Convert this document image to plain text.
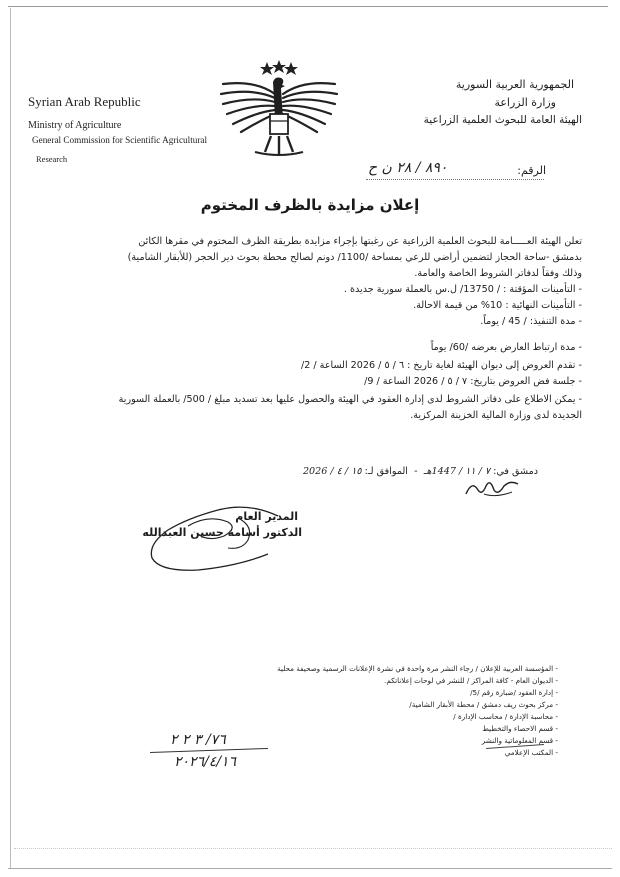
Syrian Arab Republic
Ministry of Agriculture
General Commission for Scientific Agricultural
Research
الجمهورية العربية السورية
وزارة الزراعة
الهيئة العامة للبحوث العلمية الزراعية
الرقم:
٨٩٠ / ٢٨ ن ح
إعلان مزايدة بالظرف المختوم
تعلن الهيئة العـــــامة للبحوث العلمية الزراعية عن رغبتها بإجراء مزايدة بطريقة الظرف المختوم في مقرها الكائن
بدمشق -ساحة الحجاز لتضمين أراضي للرعي بمساحة /1100/ دونم لصالح محطة بحوث دير الحجر (للأبقار الشامية)
وذلك وفقاً لدفاتر الشروط الخاصة والعامة.
- التأمينات المؤقتة : / 13750/ ل.س بالعملة سورية جديدة .
- التأمينات النهائية : 10% من قيمة الاحالة.
- مدة التنفيذ: / 45 / يوماً.
- مدة ارتباط العارض بعرضه /60/ يوماً
- تقدم العروض إلى ديوان الهيئة لغاية تاريخ : ٦ / ٥ / 2026 الساعة / 2/
- جلسة فض العروض بتاريخ: ٧ / ٥ / 2026 الساعة / 9/
- يمكن الاطلاع على دفاتر الشروط لدى إدارة العقود في الهيئة والحصول عليها بعد تسديد مبلغ / 500/ بالعملة السورية
الجديدة لدى وزارة المالية الخزينة المركزية.
دمشق في: ٧ / ١١ / 1447هـ  -  الموافق لـ: ١٥ / ٤ / 2026
المدير العام
الدكتور أسامة حسين العبدالله
- المؤسسة العربية للإعلان / رجاء النشر مرة واحدة في نشرة الإعلانات الرسمية وصحيفة محلية
- الديوان العام - كافة المراكز / للنشر في لوحات إعلاناتكم.
- إدارة العقود /ضبارة رقم /5/
- مركز بحوث ريف دمشق / محطة الأبقار الشامية/
- محاسبة الإدارة / محاسب الإدارة /
- قسم الاحصاء والتخطيط
- قسم المعلوماتية والنشر
- المكتب الإعلامي
٧٦/ ٣ ٢ ٢
٢٠٢٦/٤/١٦
